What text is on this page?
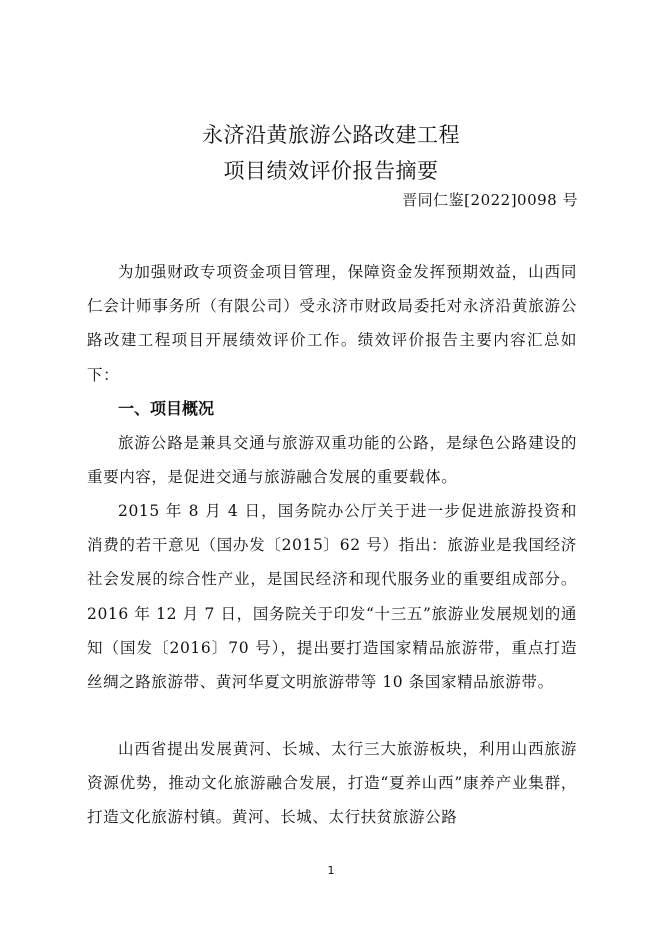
永济沿黄旅游公路改建工程
项目绩效评价报告摘要
晋同仁鉴[2022]0098 号

为加强财政专项资金项目管理，保障资金发挥预期效益，山西同仁会计师事务所（有限公司）受永济市财政局委托对永济沿黄旅游公路改建工程项目开展绩效评价工作。绩效评价报告主要内容汇总如下：

一、项目概况

旅游公路是兼具交通与旅游双重功能的公路，是绿色公路建设的重要内容，是促进交通与旅游融合发展的重要载体。

2015 年 8 月 4 日，国务院办公厅关于进一步促进旅游投资和消费的若干意见（国办发〔2015〕62 号）指出：旅游业是我国经济社会发展的综合性产业，是国民经济和现代服务业的重要组成部分。2016 年 12 月 7 日，国务院关于印发“十三五”旅游业发展规划的通知（国发〔2016〕70 号），提出要打造国家精品旅游带，重点打造丝绸之路旅游带、黄河华夏文明旅游带等 10 条国家精品旅游带。

山西省提出发展黄河、长城、太行三大旅游板块，利用山西旅游资源优势，推动文化旅游融合发展，打造“夏养山西”康养产业集群，打造文化旅游村镇。黄河、长城、太行扶贫旅游公路

1
